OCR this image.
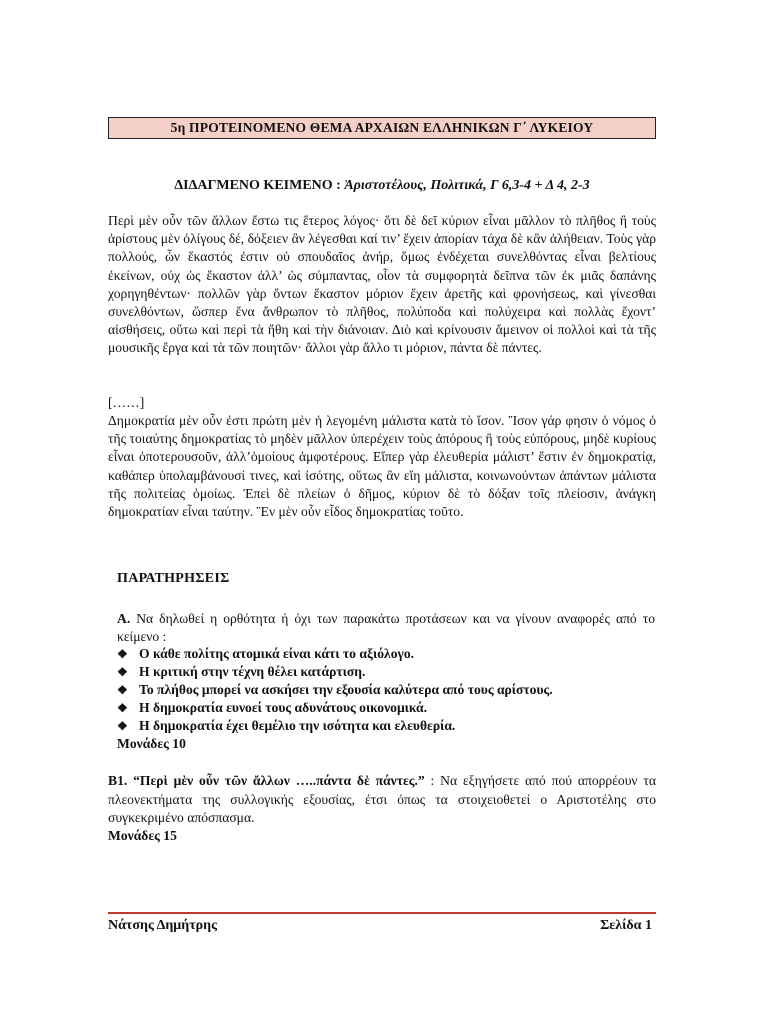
5η ΠΡΟΤΕΙΝΟΜΕΝΟ ΘΕΜΑ ΑΡΧΑΙΩΝ ΕΛΛΗΝΙΚΩΝ Γ΄ ΛΥΚΕΙΟΥ
ΔΙΔΑΓΜΕΝΟ ΚΕΙΜΕΝΟ : Ἀριστοτέλους, Πολιτικά, Γ 6,3-4 + Δ 4, 2-3

Περὶ μὲν οὖν τῶν ἄλλων ἔστω τις ἕτερος λόγος· ὅτι δὲ δεῖ κύριον εἶναι μᾶλλον τὸ πλῆθος ἢ τοὺς ἀρίστους μὲν ὀλίγους δέ, δόξειεν ἂν λέγεσθαι καί τιν’ ἔχειν ἀπορίαν τάχα δὲ κἂν ἀλήθειαν. Τοὺς γὰρ πολλούς, ὧν ἕκαστός ἐστιν οὐ σπουδαῖος ἀνήρ, ὅμως ἐνδέχεται συνελθόντας εἶναι βελτίους ἐκείνων, οὐχ ὡς ἕκαστον ἀλλ’ ὡς σύμπαντας, οἷον τὰ συμφορητὰ δεῖπνα τῶν ἐκ μιᾶς δαπάνης χορηγηθέντων· πολλῶν γὰρ ὄντων ἕκαστον μόριον ἔχειν ἀρετῆς καὶ φρονήσεως, καὶ γίνεσθαι συνελθόντων, ὥσπερ ἕνα ἄνθρωπον τὸ πλῆθος, πολύποδα καὶ πολύχειρα καὶ πολλὰς ἔχοντ’ αἰσθήσεις, οὕτω καὶ περὶ τὰ ἤθη καὶ τὴν διάνοιαν. Διὸ καὶ κρίνουσιν ἄμεινον οἱ πολλοὶ καὶ τὰ τῆς μουσικῆς ἔργα καὶ τὰ τῶν ποιητῶν· ἄλλοι γὰρ ἄλλο τι μόριον, πάντα δὲ πάντες.

[……]

Δημοκρατία μὲν οὖν ἐστι πρώτη μὲν ἡ λεγομένη μάλιστα κατὰ τὸ ἴσον. Ἴσον γάρ φησιν ὁ νόμος ὁ τῆς τοιαύτης δημοκρατίας τὸ μηδὲν μᾶλλον ὑπερέχειν τοὺς ἀπόρους ἢ τοὺς εὐπόρους, μηδὲ κυρίους εἶναι ὁποτερουσοῦν, ἀλλ’ὁμοίους ἀμφοτέρους. Εἴπερ γὰρ ἐλευθερία μάλιστ’ ἔστιν ἐν δημοκρατίᾳ, καθάπερ ὑπολαμβάνουσί τινες, καὶ ἰσότης, οὕτως ἂν εἴη μάλιστα, κοινωνούντων ἁπάντων μάλιστα τῆς πολιτείας ὁμοίως. Ἐπεὶ δὲ πλείων ὁ δῆμος, κύριον δὲ τὸ δόξαν τοῖς πλείοσιν, ἀνάγκη δημοκρατίαν εἶναι ταύτην. Ἓν μὲν οὖν εἶδος δημοκρατίας τοῦτο.

ΠΑΡΑΤΗΡΗΣΕΙΣ
Α. Να δηλωθεί η ορθότητα ή όχι των παρακάτω προτάσεων και να γίνουν αναφορές από το κείμενο :
❖ Ο κάθε πολίτης ατομικά είναι κάτι το αξιόλογο.
❖ Η κριτική στην τέχνη θέλει κατάρτιση.
❖ Το πλήθος μπορεί να ασκήσει την εξουσία καλύτερα από τους αρίστους.
❖ Η δημοκρατία ευνοεί τους αδυνάτους οικονομικά.
❖ Η δημοκρατία έχει θεμέλιο την ισότητα και ελευθερία.
Μονάδες 10
Β1. “Περὶ μὲν οὖν τῶν ἄλλων …..πάντα δὲ πάντες.” : Να εξηγήσετε από πού απορρέουν τα πλεονεκτήματα της συλλογικής εξουσίας, έτσι όπως τα στοιχειοθετεί ο Αριστοτέλης στο συγκεκριμένο απόσπασμα.
Μονάδες 15
Νάτσης Δημήτρης	Σελίδα 1
